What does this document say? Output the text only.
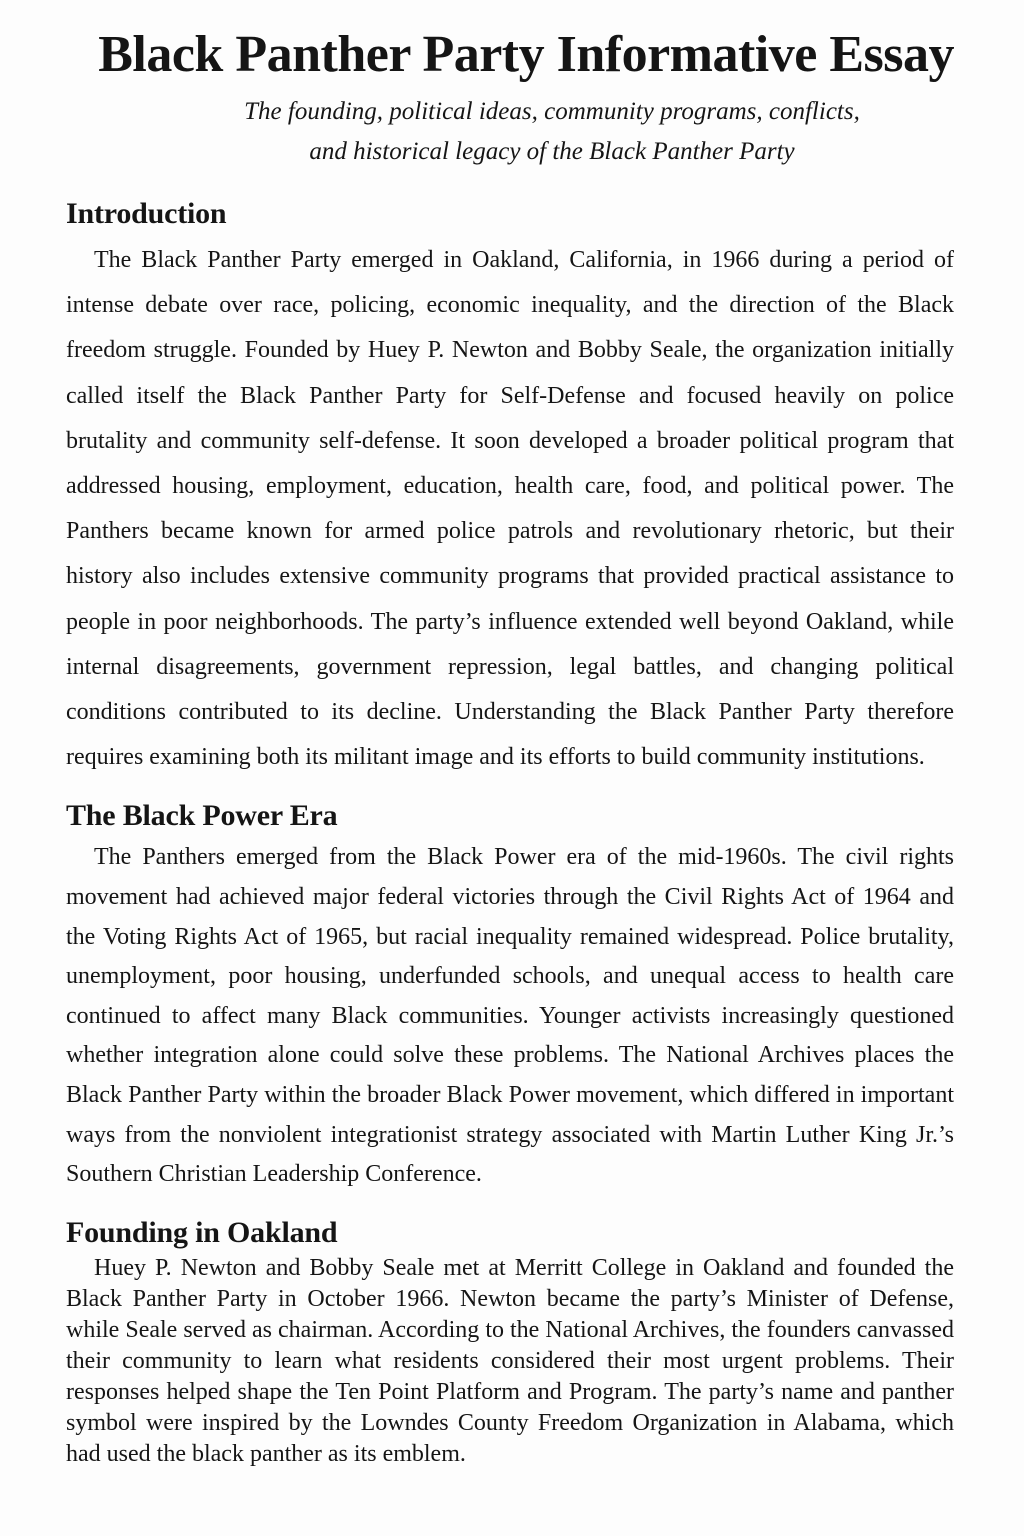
Black Panther Party Informative Essay
The founding, political ideas, community programs, conflicts,
and historical legacy of the Black Panther Party
Introduction

The Black Panther Party emerged in Oakland, California, in 1966 during a period of intense debate over race, policing, economic inequality, and the direction of the Black freedom struggle. Founded by Huey P. Newton and Bobby Seale, the organization initially called itself the Black Panther Party for Self-Defense and focused heavily on police brutality and community self-defense. It soon developed a broader political program that addressed housing, employment, education, health care, food, and political power. The Panthers became known for armed police patrols and revolutionary rhetoric, but their history also includes extensive community programs that provided practical assistance to people in poor neighborhoods. The party’s influence extended well beyond Oakland, while internal disagreements, government repression, legal battles, and changing political conditions contributed to its decline. Understanding the Black Panther Party therefore requires examining both its militant image and its efforts to build community institutions.

The Black Power Era

The Panthers emerged from the Black Power era of the mid-1960s. The civil rights movement had achieved major federal victories through the Civil Rights Act of 1964 and the Voting Rights Act of 1965, but racial inequality remained widespread. Police brutality, unemployment, poor housing, underfunded schools, and unequal access to health care continued to affect many Black communities. Younger activists increasingly questioned whether integration alone could solve these problems. The National Archives places the Black Panther Party within the broader Black Power movement, which differed in important ways from the nonviolent integrationist strategy associated with Martin Luther King Jr.’s Southern Christian Leadership Conference.

Founding in Oakland

Huey P. Newton and Bobby Seale met at Merritt College in Oakland and founded the Black Panther Party in October 1966. Newton became the party’s Minister of Defense, while Seale served as chairman. According to the National Archives, the founders canvassed their community to learn what residents considered their most urgent problems. Their responses helped shape the Ten Point Platform and Program. The party’s name and panther symbol were inspired by the Lowndes County Freedom Organization in Alabama, which had used the black panther as its emblem.
